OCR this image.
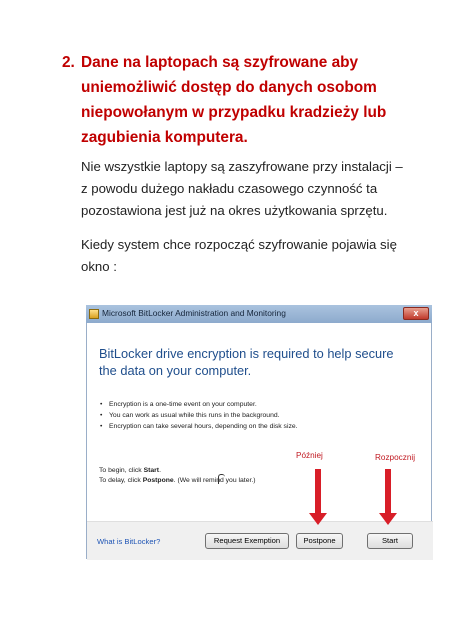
2. Dane na laptopach są szyfrowane aby uniemożliwić dostęp do danych osobom niepowołanym w przypadku kradzieży lub zagubienia komputera.
Nie wszystkie laptopy są zaszyfrowane przy instalacji – z powodu dużego nakładu czasowego czynność ta pozostawiona jest już na okres użytkowania sprzętu.
Kiedy system chce rozpocząć szyfrowanie pojawia się okno :
Microsoft BitLocker Administration and Monitoring	x
BitLocker drive encryption is required to help secure the data on your computer.
• Encryption is a one-time event on your computer.
• You can work as usual while this runs in the background.
• Encryption can take several hours, depending on the disk size.
To begin, click Start.
To delay, click Postpone. (We will remind you later.)
What is BitLocker?	Request Exemption	Postpone	Start
Później	Rozpocznij
